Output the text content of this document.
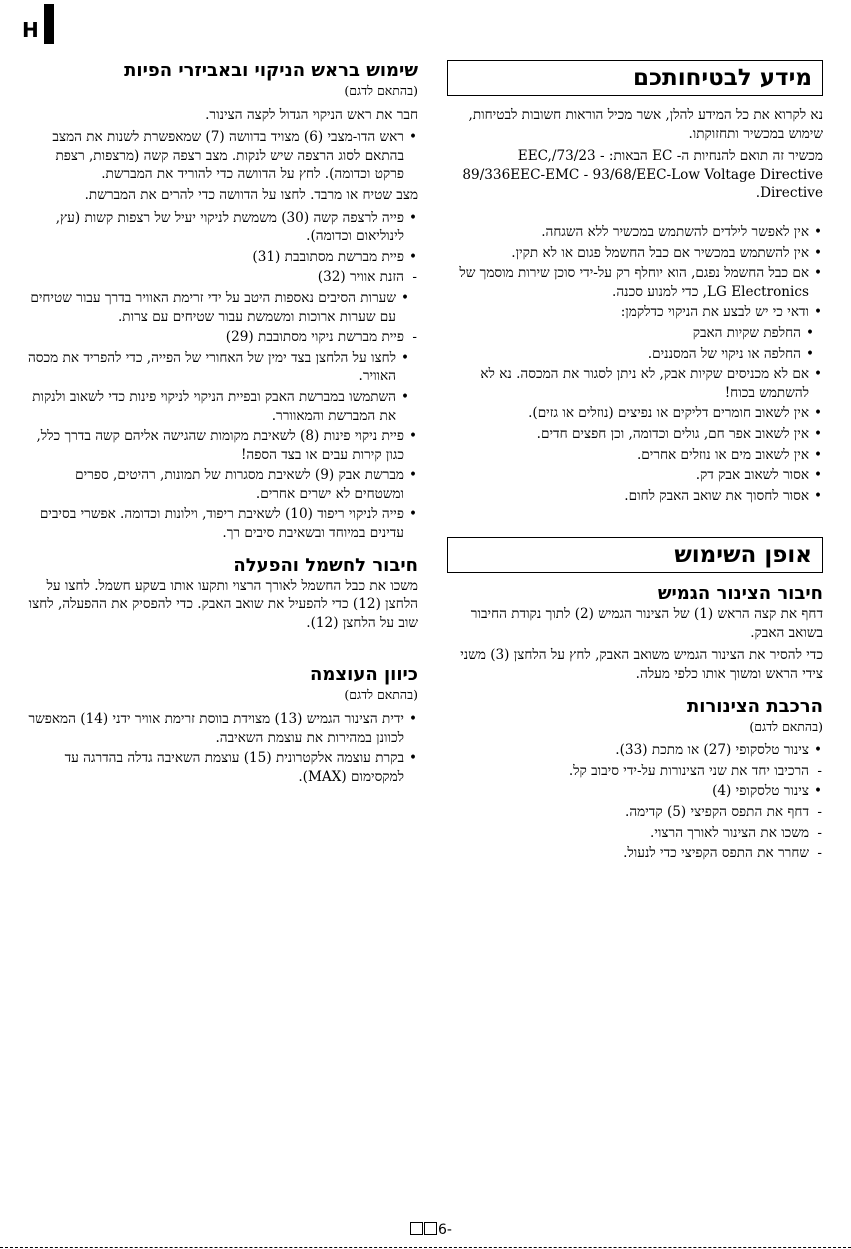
H
מידע לבטיחותכם

נא לקרוא את כל המידע להלן, אשר מכיל הוראות חשובות לבטיחות, שימוש במכשיר ותחזוקתו.

מכשיר זה תואם להנחיות ה- EC הבאות: - 73/23/EEC, 89/336EEC-EMC - 93/68/EEC-Low Voltage Directive Directive.

• אין לאפשר לילדים להשתמש במכשיר ללא השגחה.
• אין להשתמש במכשיר אם כבל החשמל פגום או לא תקין.
• אם כבל החשמל נפגם, הוא יוחלף רק על-ידי סוכן שירות מוסמך של LG Electronics, כדי למנוע סכנה.
• ודאי כי יש לבצע את הניקוי כדלקמן:
• החלפת שקיות האבק
• החלפה או ניקוי של המסננים.
• אם לא מכניסים שקיות אבק, לא ניתן לסגור את המכסה. נא לא להשתמש בכוח!
• אין לשאוב חומרים דליקים או נפיצים (נוזלים או גזים).
• אין לשאוב אפר חם, גולים וכדומה, וכן חפצים חדים.
• אין לשאוב מים או נוזלים אחרים.
• אסור לשאוב אבק דק.
• אסור לחסוך את שואב האבק לחום.
אופן השימוש
חיבור הצינור הגמיש

דחף את קצה הראש (1) של הצינור הגמיש (2) לתוך נקודת החיבור בשואב האבק.

כדי להסיר את הצינור הגמיש משואב האבק, לחץ על הלחצן (3) משני צידי הראש ומשוך אותו כלפי מעלה.

הרכבת הצינורות
(בהתאם לדגם)
• צינור טלסקופי (27) או מתכת (33).
- הרכיבו יחד את שני הצינורות על-ידי סיבוב קל.
• צינור טלסקופי (4)
- דחף את התפס הקפיצי (5) קדימה.
- משכו את הצינור לאורך הרצוי.
- שחרר את התפס הקפיצי כדי לנעול.
שימוש בראש הניקוי ובאביזרי הפיות
(בהתאם לדגם)

חבר את ראש הניקוי הגדול לקצה הצינור.

• ראש הדו-מצבי (6) מצויד בדוושה (7) שמאפשרת לשנות את המצב בהתאם לסוג הרצפה שיש לנקות. מצב רצפה קשה (מרצפות, רצפת פרקט וכדומה). לחץ על הדוושה כדי להוריד את המברשת.

מצב שטיח או מרבד. לחצו על הדוושה כדי להרים את המברשת.

• פייה לרצפה קשה (30) משמשת לניקוי יעיל של רצפות קשות (עץ, לינוליאום וכדומה).
• פיית מברשת מסתובבת (31)
- הזנת אוויר (32)
• שערות הסיבים נאספות היטב על ידי זרימת האוויר בדרך עבור שטיחים עם שערות ארוכות ומשמשת עבור שטיחים עם צרות.
- פיית מברשת ניקוי מסתובבת (29)
• לחצו על הלחצן בצד ימין של האחורי של הפייה, כדי להפריד את מכסה האוויר.
• השתמשו במברשת האבק ובפיית הניקוי לניקוי פינות כדי לשאוב ולנקות את המברשת והמאוורר.
• פיית ניקוי פינות (8) לשאיבת מקומות שהגישה אליהם קשה בדרך כלל, כגון קירות עבים או בצד הספה!
• מברשת אבק (9) לשאיבת מסגרות של תמונות, רהיטים, ספרים ומשטחים לא ישרים אחרים.
• פייה לניקוי ריפוד (10) לשאיבת ריפוד, וילונות וכדומה. אפשרי בסיבים עדינים במיוחד ובשאיבת סיבים רך.
חיבור לחשמל והפעלה

משכו את כבל החשמל לאורך הרצוי ותקעו אותו בשקע חשמל. לחצו על הלחצן (12) כדי להפעיל את שואב האבק. כדי להפסיק את ההפעלה, לחצו שוב על הלחצן (12).

כיוון העוצמה
(בהתאם לדגם)
• ידית הצינור הגמיש (13) מצוידת בווסת זרימת אוויר ידני (14) המאפשר לכוונן במהירות את עוצמת השאיבה.
• בקרת עוצמה אלקטרונית (15) עוצמת השאיבה גדלה בהדרגה עד למקסימום (MAX).
6-
